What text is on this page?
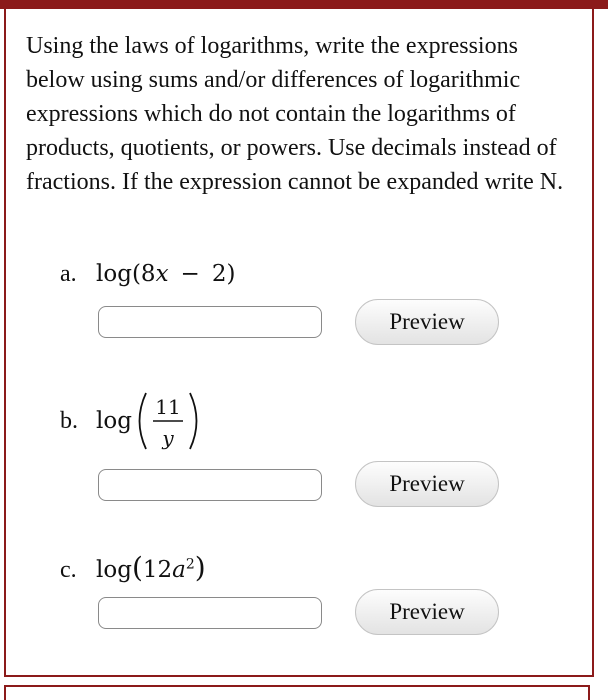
Using the laws of logarithms, write the expressions below using sums and/or differences of logarithmic expressions which do not contain the logarithms of products, quotients, or powers. Use decimals instead of fractions. If the expression cannot be expanded write N.

a. log(8x − 2)
Preview
b. log
11
y
Preview
c. $\log(12a^2)$
Preview
